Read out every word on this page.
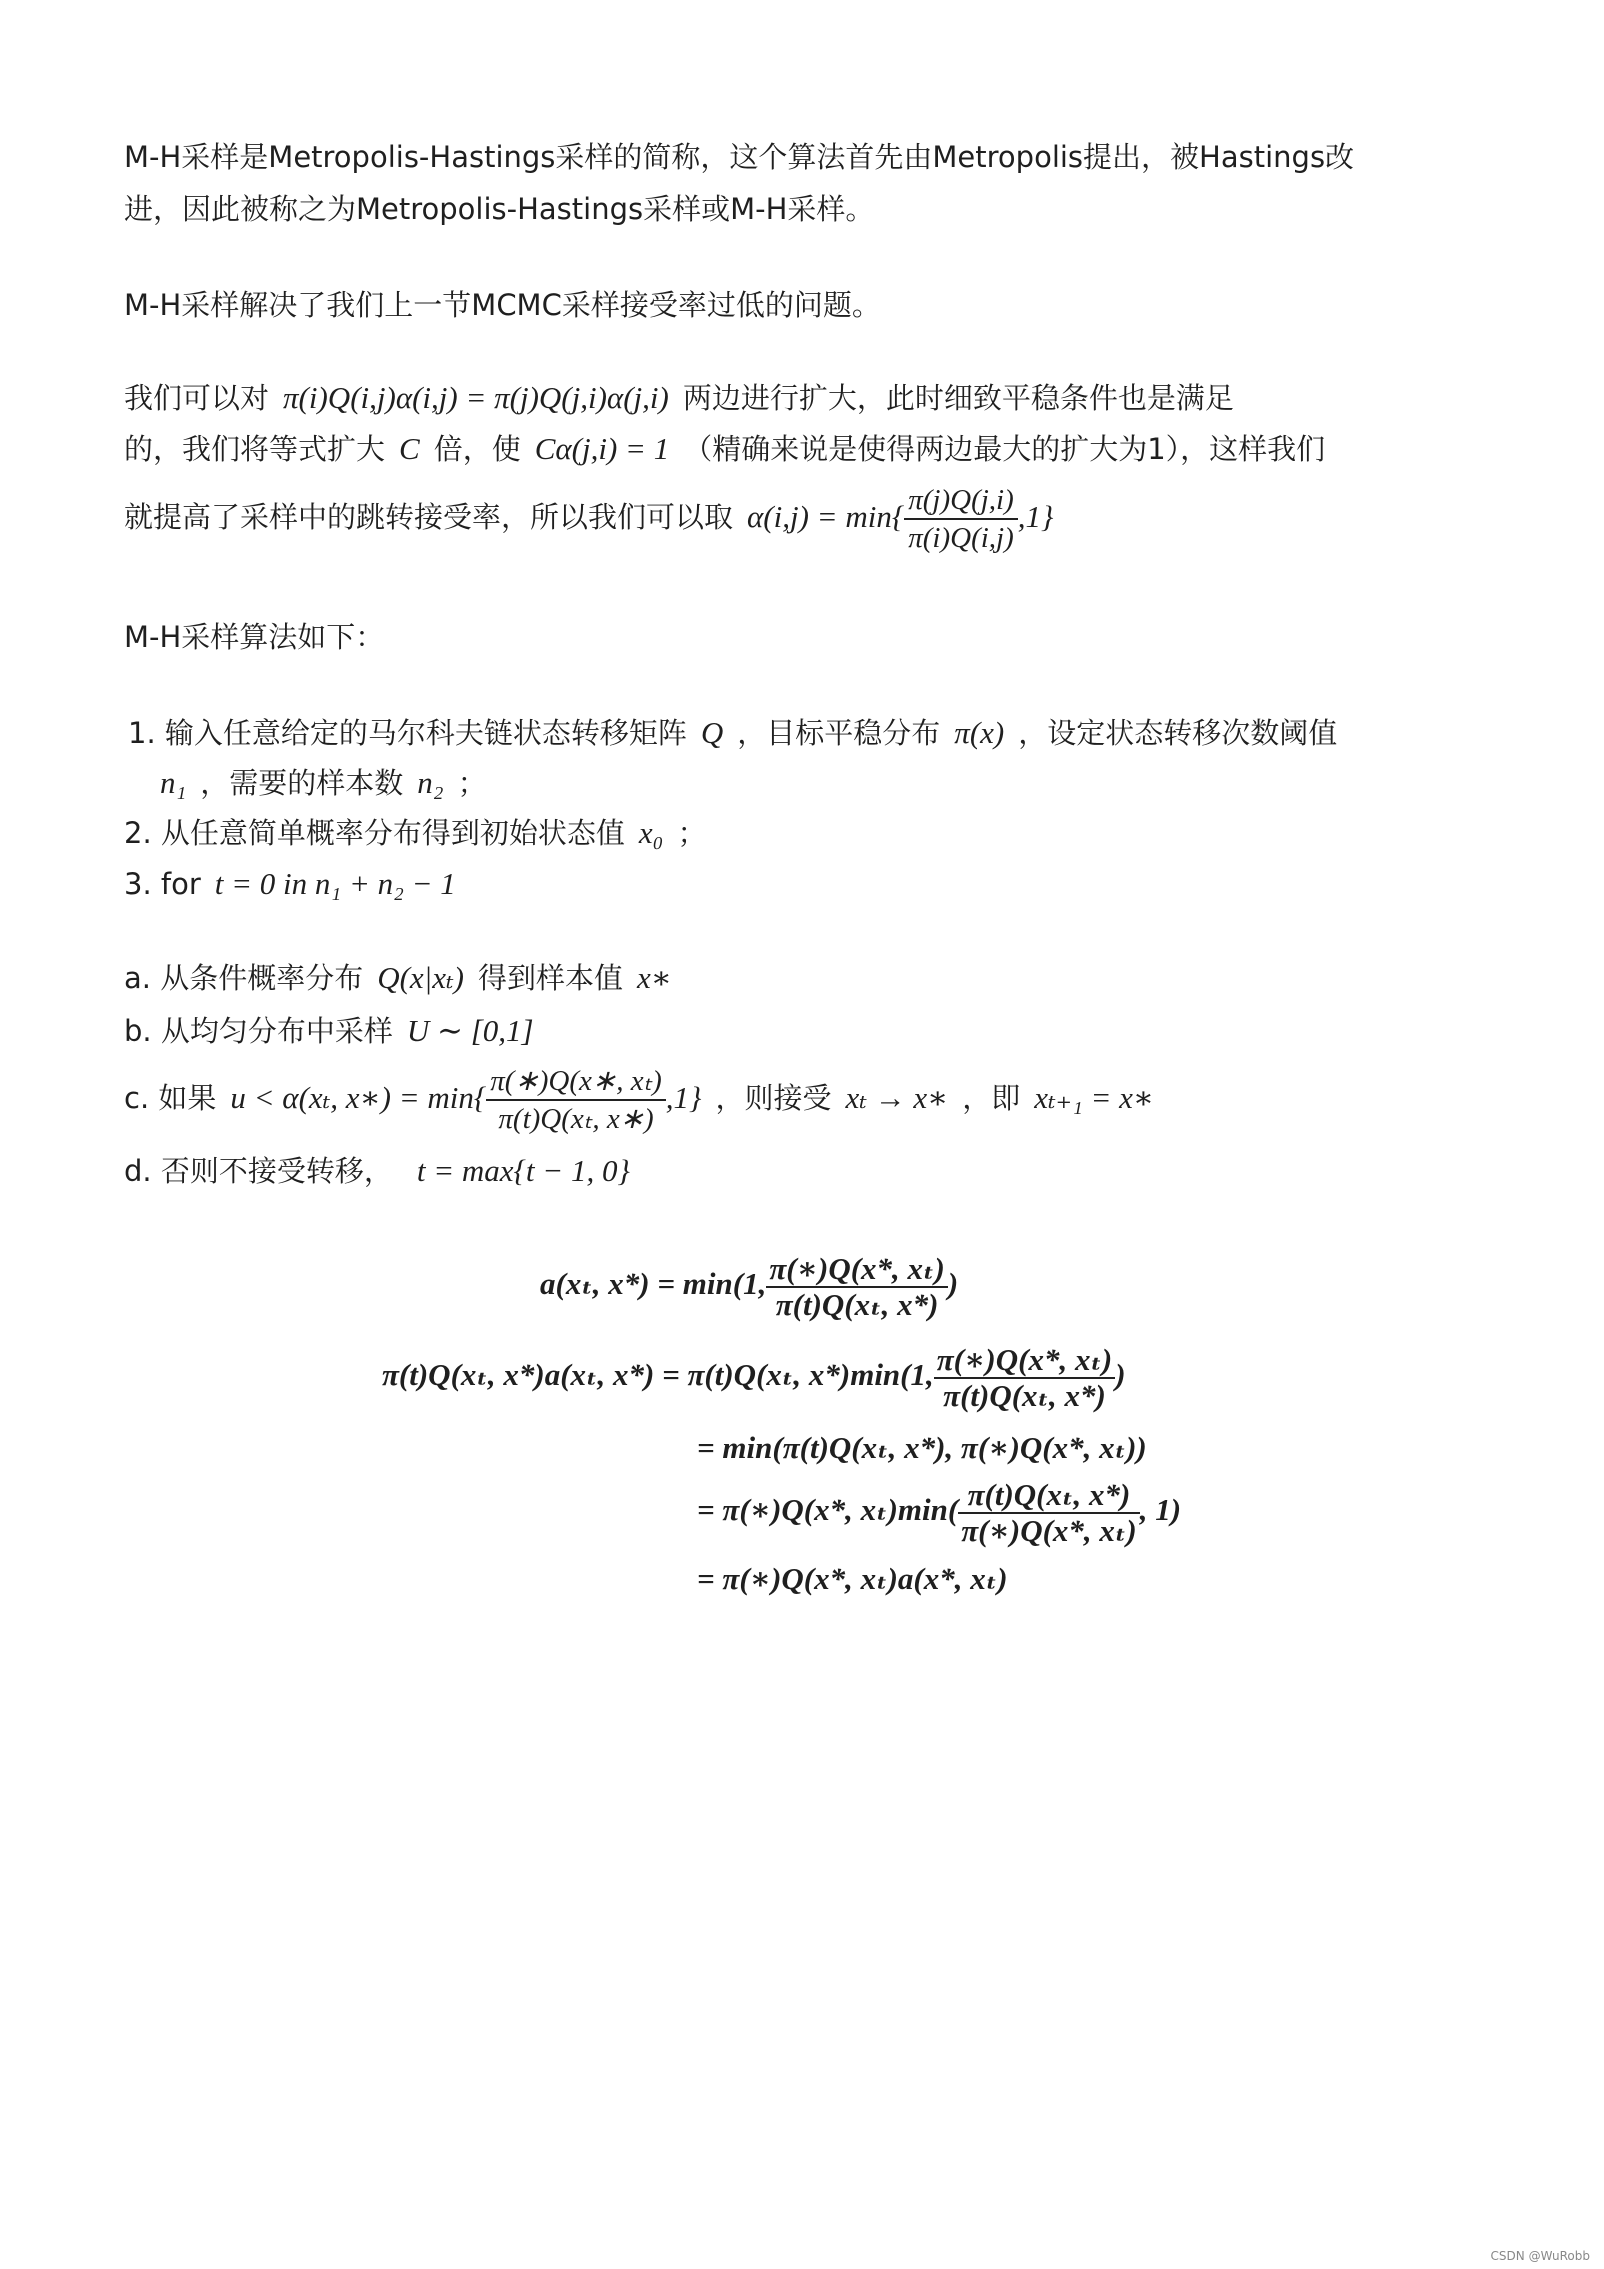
M-H采样是Metropolis-Hastings采样的简称，这个算法首先由Metropolis提出，被Hastings改
进，因此被称之为Metropolis-Hastings采样或M-H采样。
M-H采样解决了我们上一节MCMC采样接受率过低的问题。
我们可以对 π(i)Q(i,j)α(i,j) = π(j)Q(j,i)α(j,i) 两边进行扩大，此时细致平稳条件也是满足
的，我们将等式扩大 C 倍，使 Cα(j,i) = 1 （精确来说是使得两边最大的扩大为1），这样我们
就提高了采样中的跳转接受率，所以我们可以取 $\alpha(i,j) = \min\{ \frac{\pi(j)Q(j,i)}{\pi(i)Q(i,j)} ,1\}$
M-H采样算法如下：
1. 输入任意给定的马尔科夫链状态转移矩阵 Q ，目标平稳分布 π(x) ，设定状态转移次数阈值
n₁ ，需要的样本数 n₂ ；
2. 从任意简单概率分布得到初始状态值 x₀ ；
3. for t = 0 in n₁ + n₂ − 1
a. 从条件概率分布 Q(x|xₜ) 得到样本值 x∗
b. 从均匀分布中采样 U ∼ [0,1]
c. 如果 u < α(xₜ, x∗) = $\min\{ \frac{\text{π(∗)Q(x∗, xₜ)}}{\text{π(t)Q(xₜ, x∗)}} ,1\}$ ，则接受 xₜ → x∗ ，即 xₜ₊₁ = x∗
d. 否则不接受转移， t = max{t − 1, 0}
a(xₜ, x*) = min(1, $\frac{\text{π(∗)Q(x*, xₜ)}}{\text{π(t)Q(xₜ, x*)}}$ )
π(t)Q(xₜ, x*)a(xₜ, x*) = π(t)Q(xₜ, x*)min(1, $\frac{\text{π(∗)Q(x*, xₜ)}}{\text{π(t)Q(xₜ, x*)}}$ )
= min(π(t)Q(xₜ, x*), π(∗)Q(x*, xₜ))
= π(∗)Q(x*, $x_t)\min( \frac{\text{π(t)Q(xₜ, x*)}}{\text{π(∗)Q(x*, xₜ)}}$ , 1)
= π(∗)Q(x*, xₜ)a(x*, xₜ)
CSDN @WuRobb
